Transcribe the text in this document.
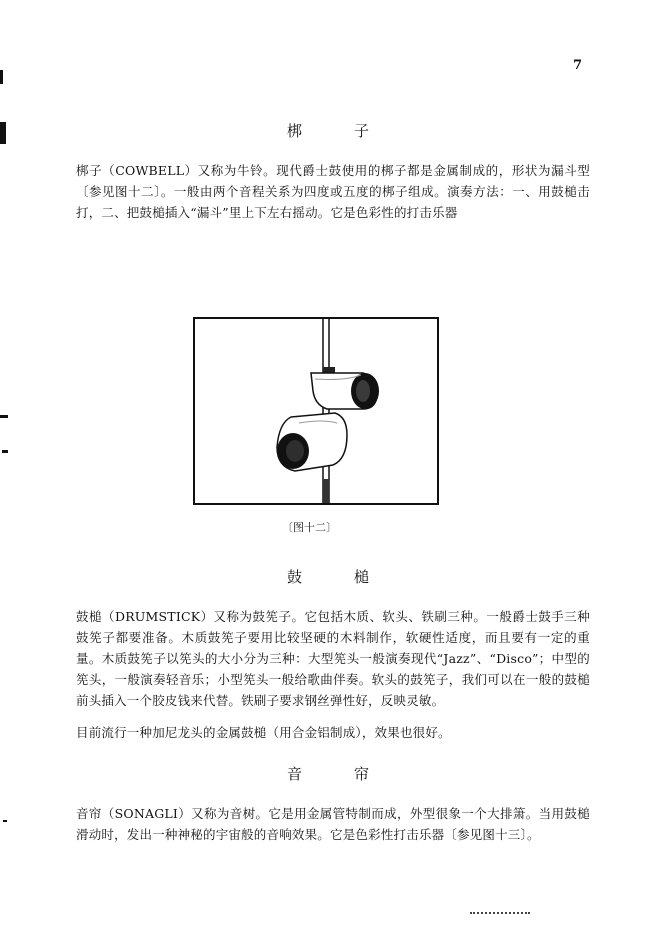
7
梆子

梆子（COWBELL）又称为牛铃。现代爵士鼓使用的梆子都是金属制成的，形状为漏斗型〔参见图十二〕。一般由两个音程关系为四度或五度的梆子组成。演奏方法：一、用鼓槌击打，二、把鼓槌插入“漏斗”里上下左右摇动。它是色彩性的打击乐器

〔图十二〕
鼓槌

鼓槌（DRUMSTICK）又称为鼓筅子。它包括木质、软头、铁刷三种。一般爵士鼓手三种鼓筅子都要准备。木质鼓筅子要用比较坚硬的木料制作，软硬性适度，而且要有一定的重量。木质鼓筅子以筅头的大小分为三种：大型筅头一般演奏现代“Jazz”、“Disco”；中型的筅头，一般演奏轻音乐；小型筅头一般给歌曲伴奏。软头的鼓筅子，我们可以在一般的鼓槌前头插入一个胶皮钱来代替。铁刷子要求钢丝弹性好，反映灵敏。

目前流行一种加尼龙头的金属鼓槌（用合金铝制成），效果也很好。

音帘

音帘（SONAGLI）又称为音树。它是用金属管特制而成，外型很象一个大排箫。当用鼓槌滑动时，发出一种神秘的宇宙般的音响效果。它是色彩性打击乐器〔参见图十三〕。
